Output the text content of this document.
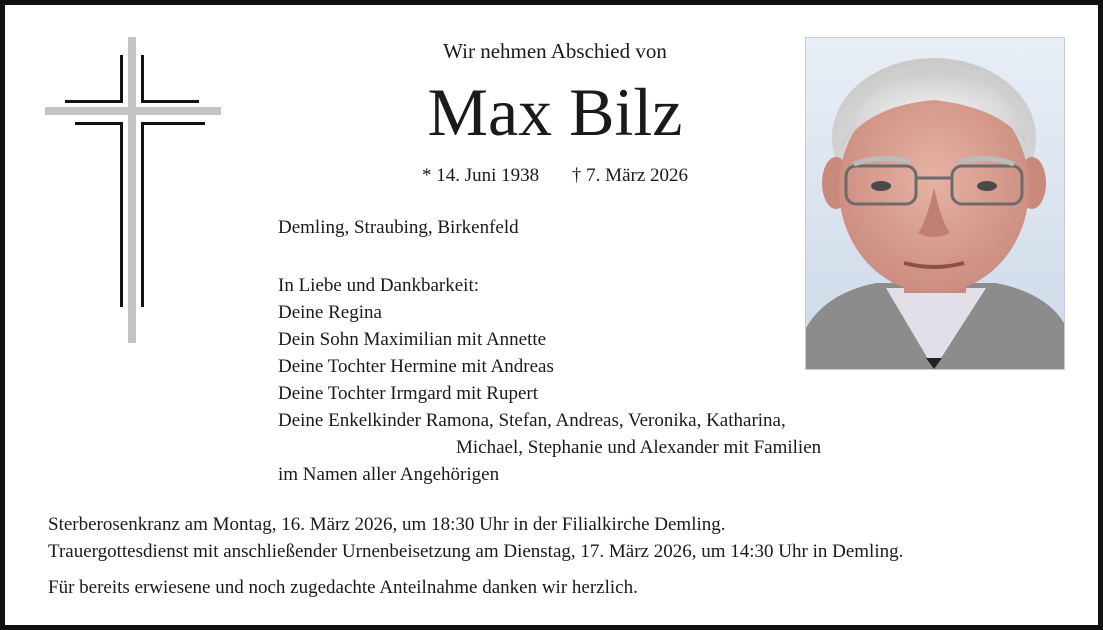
Wir nehmen Abschied von
Max Bilz
* 14. Juni 1938 † 7. März 2026
Demling, Straubing, Birkenfeld
In Liebe und Dankbarkeit:
Deine Regina
Dein Sohn Maximilian mit Annette
Deine Tochter Hermine mit Andreas
Deine Tochter Irmgard mit Rupert
Deine Enkelkinder Ramona, Stefan, Andreas, Veronika, Katharina,
Michael, Stephanie und Alexander mit Familien
im Namen aller Angehörigen
Sterberosenkranz am Montag, 16. März 2026, um 18:30 Uhr in der Filialkirche Demling.
Trauergottesdienst mit anschließender Urnenbeisetzung am Dienstag, 17. März 2026, um 14:30 Uhr in Demling.
Für bereits erwiesene und noch zugedachte Anteilnahme danken wir herzlich.
